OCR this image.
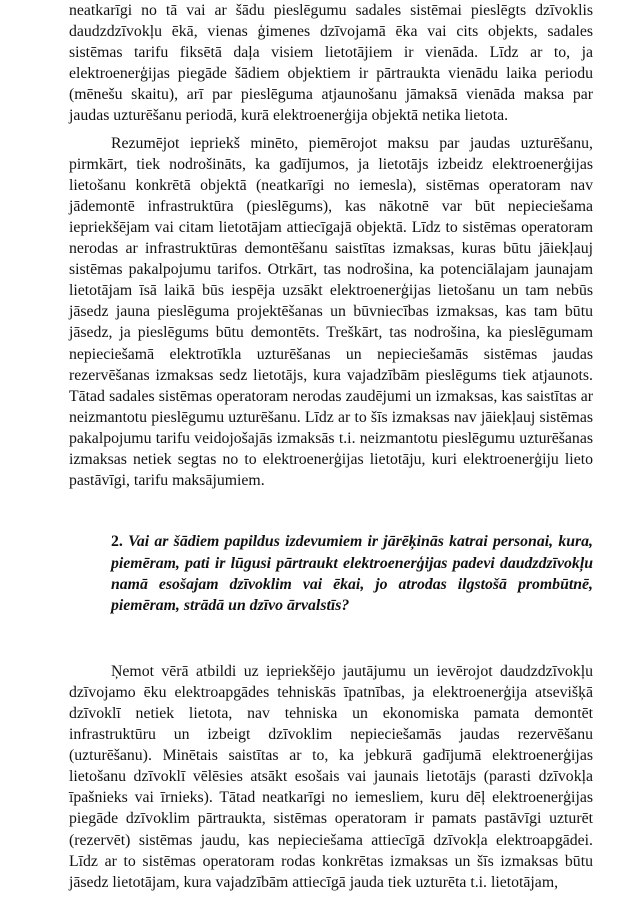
neatkarīgi no tā vai ar šādu pieslēgumu sadales sistēmai pieslēgts dzīvoklis daudzdzīvokļu ēkā, vienas ģimenes dzīvojamā ēka vai cits objekts, sadales sistēmas tarifu fiksētā daļa visiem lietotājiem ir vienāda. Līdz ar to, ja elektroenerģijas piegāde šādiem objektiem ir pārtraukta vienādu laika periodu (mēnešu skaitu), arī par pieslēguma atjaunošanu jāmaksā vienāda maksa par jaudas uzturēšanu periodā, kurā elektroenerģija objektā netika lietota.

Rezumējot iepriekš minēto, piemērojot maksu par jaudas uzturēšanu, pirmkārt, tiek nodrošināts, ka gadījumos, ja lietotājs izbeidz elektroenerģijas lietošanu konkrētā objektā (neatkarīgi no iemesla), sistēmas operatoram nav jādemontē infrastruktūra (pieslēgums), kas nākotnē var būt nepieciešama iepriekšējam vai citam lietotājam attiecīgajā objektā. Līdz to sistēmas operatoram nerodas ar infrastruktūras demontēšanu saistītas izmaksas, kuras būtu jāiekļauj sistēmas pakalpojumu tarifos. Otrkārt, tas nodrošina, ka potenciālajam jaunajam lietotājam īsā laikā būs iespēja uzsākt elektroenerģijas lietošanu un tam nebūs jāsedz jauna pieslēguma projektēšanas un būvniecības izmaksas, kas tam būtu jāsedz, ja pieslēgums būtu demontēts. Treškārt, tas nodrošina, ka pieslēgumam nepieciešamā elektrotīkla uzturēšanas un nepieciešamās sistēmas jaudas rezervēšanas izmaksas sedz lietotājs, kura vajadzībām pieslēgums tiek atjaunots. Tātad sadales sistēmas operatoram nerodas zaudējumi un izmaksas, kas saistītas ar neizmantotu pieslēgumu uzturēšanu. Līdz ar to šīs izmaksas nav jāiekļauj sistēmas pakalpojumu tarifu veidojošajās izmaksās t.i. neizmantotu pieslēgumu uzturēšanas izmaksas netiek segtas no to elektroenerģijas lietotāju, kuri elektroenerģiju lieto pastāvīgi, tarifu maksājumiem.

2. Vai ar šādiem papildus izdevumiem ir jārēķinās katrai personai, kura, piemēram, pati ir lūgusi pārtraukt elektroenerģijas padevi daudzdzīvokļu namā esošajam dzīvoklim vai ēkai, jo atrodas ilgstošā prombūtnē, piemēram, strādā un dzīvo ārvalstīs?

Ņemot vērā atbildi uz iepriekšējo jautājumu un ievērojot daudzdzīvokļu dzīvojamo ēku elektroapgādes tehniskās īpatnības, ja elektroenerģija atsevišķā dzīvoklī netiek lietota, nav tehniska un ekonomiska pamata demontēt infrastruktūru un izbeigt dzīvoklim nepieciešamās jaudas rezervēšanu (uzturēšanu). Minētais saistītas ar to, ka jebkurā gadījumā elektroenerģijas lietošanu dzīvoklī vēlēsies atsākt esošais vai jaunais lietotājs (parasti dzīvokļa īpašnieks vai īrnieks). Tātad neatkarīgi no iemesliem, kuru dēļ elektroenerģijas piegāde dzīvoklim pārtraukta, sistēmas operatoram ir pamats pastāvīgi uzturēt (rezervēt) sistēmas jaudu, kas nepieciešama attiecīgā dzīvokļa elektroapgādei. Līdz ar to sistēmas operatoram rodas konkrētas izmaksas un šīs izmaksas būtu jāsedz lietotājam, kura vajadzībām attiecīgā jauda tiek uzturēta t.i. lietotājam,
